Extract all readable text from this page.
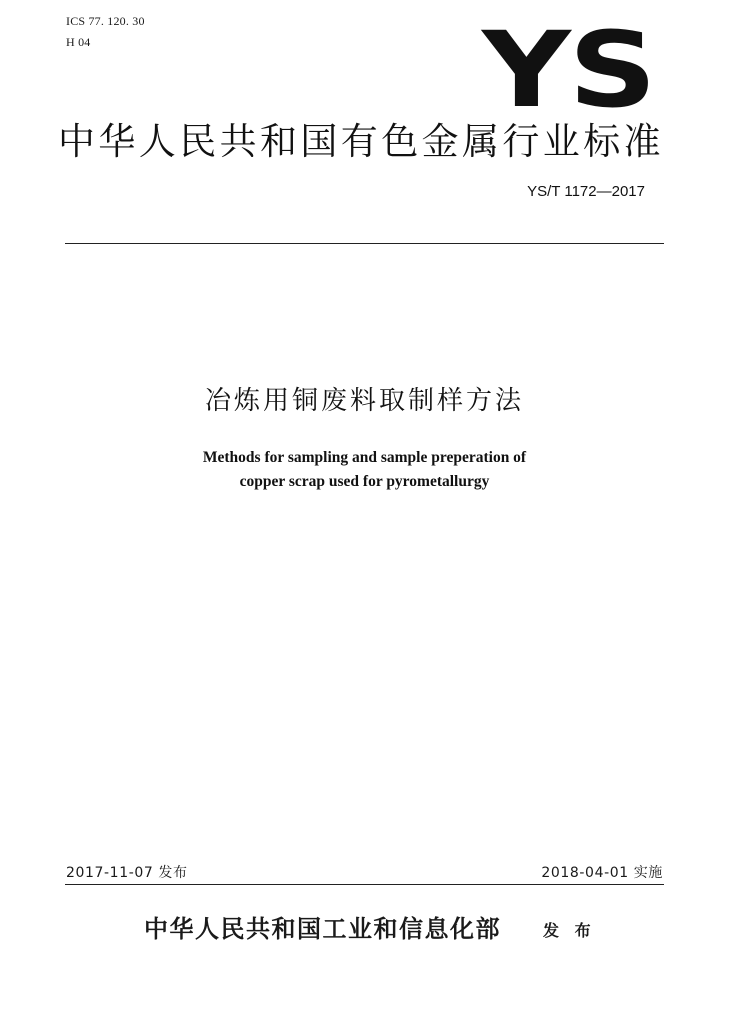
ICS 77. 120. 30
H 04	YS
中华人民共和国有色金属行业标准
YS/T 1172—2017
冶炼用铜废料取制样方法
Methods for sampling and sample preperation of
copper scrap used for pyrometallurgy
2017-11-07 发布	2018-04-01 实施
中华人民共和国工业和信息化部	发 布
